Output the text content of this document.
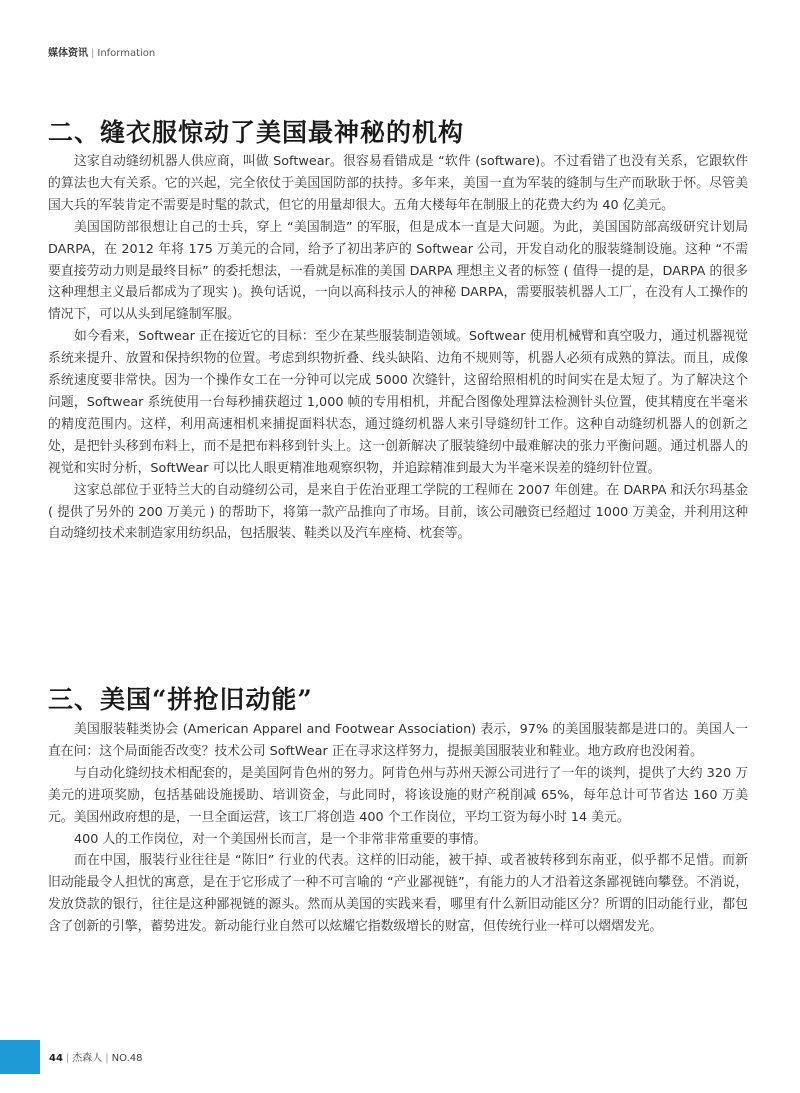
媒体资讯 | Information
二、缝衣服惊动了美国最神秘的机构

这家自动缝纫机器人供应商，叫做 Softwear。很容易看错成是 “软件 (software)。不过看错了也没有关系，它跟软件的算法也大有关系。它的兴起，完全依仗于美国国防部的扶持。多年来，美国一直为军装的缝制与生产而耿耿于怀。尽管美国大兵的军装肯定不需要是时髦的款式，但它的用量却很大。五角大楼每年在制服上的花费大约为 40 亿美元。

美国国防部很想让自己的士兵，穿上 “美国制造” 的军服，但是成本一直是大问题。为此，美国国防部高级研究计划局 DARPA，在 2012 年将 175 万美元的合同，给予了初出茅庐的 Softwear 公司，开发自动化的服装缝制设施。这种 “不需要直接劳动力则是最终目标” 的委托想法，一看就是标准的美国 DARPA 理想主义者的标签 ( 值得一提的是，DARPA 的很多这种理想主义最后都成为了现实 )。换句话说，一向以高科技示人的神秘 DARPA，需要服装机器人工厂，在没有人工操作的情况下，可以从头到尾缝制军服。

如今看来，Softwear 正在接近它的目标：至少在某些服装制造领域。Softwear 使用机械臂和真空吸力，通过机器视觉系统来提升、放置和保持织物的位置。考虑到织物折叠、线头缺陷、边角不规则等，机器人必须有成熟的算法。而且，成像系统速度要非常快。因为一个操作女工在一分钟可以完成 5000 次缝针，这留给照相机的时间实在是太短了。为了解决这个问题，Softwear 系统使用一台每秒捕获超过 1,000 帧的专用相机，并配合图像处理算法检测针头位置，使其精度在半毫米的精度范围内。这样，利用高速相机来捕捉面料状态，通过缝纫机器人来引导缝纫针工作。这种自动缝纫机器人的创新之处，是把针头移到布料上，而不是把布料移到针头上。这一创新解决了服装缝纫中最难解决的张力平衡问题。通过机器人的视觉和实时分析，SoftWear 可以比人眼更精准地观察织物，并追踪精准到最大为半毫米误差的缝纫针位置。

这家总部位于亚特兰大的自动缝纫公司，是来自于佐治亚理工学院的工程师在 2007 年创建。在 DARPA 和沃尔玛基金 ( 提供了另外的 200 万美元 ) 的帮助下，将第一款产品推向了市场。目前，该公司融资已经超过 1000 万美金，并利用这种自动缝纫技术来制造家用纺织品，包括服装、鞋类以及汽车座椅、枕套等。

三、美国“拼抢旧动能”

美国服装鞋类协会 (American Apparel and Footwear Association) 表示，97% 的美国服装都是进口的。美国人一直在问：这个局面能否改变？技术公司 SoftWear 正在寻求这样努力，提振美国服装业和鞋业。地方政府也没闲着。

与自动化缝纫技术相配套的，是美国阿肯色州的努力。阿肯色州与苏州天源公司进行了一年的谈判，提供了大约 320 万美元的进项奖励，包括基础设施援助、培训资金，与此同时，将该设施的财产税削减 65%，每年总计可节省达 160 万美元。美国州政府想的是，一旦全面运营，该工厂将创造 400 个工作岗位，平均工资为每小时 14 美元。

400 人的工作岗位，对一个美国州长而言，是一个非常非常重要的事情。

而在中国，服装行业往往是 “陈旧” 行业的代表。这样的旧动能，被干掉、或者被转移到东南亚，似乎都不足惜。而新旧动能最令人担忧的寓意，是在于它形成了一种不可言喻的 “产业鄙视链”，有能力的人才沿着这条鄙视链向攀登。不消说，发放贷款的银行，往往是这种鄙视链的源头。然而从美国的实践来看，哪里有什么新旧动能区分？所谓的旧动能行业，都包含了创新的引擎，蓄势进发。新动能行业自然可以炫耀它指数级增长的财富，但传统行业一样可以熠熠发光。

44 | 杰森人 | NO.48
